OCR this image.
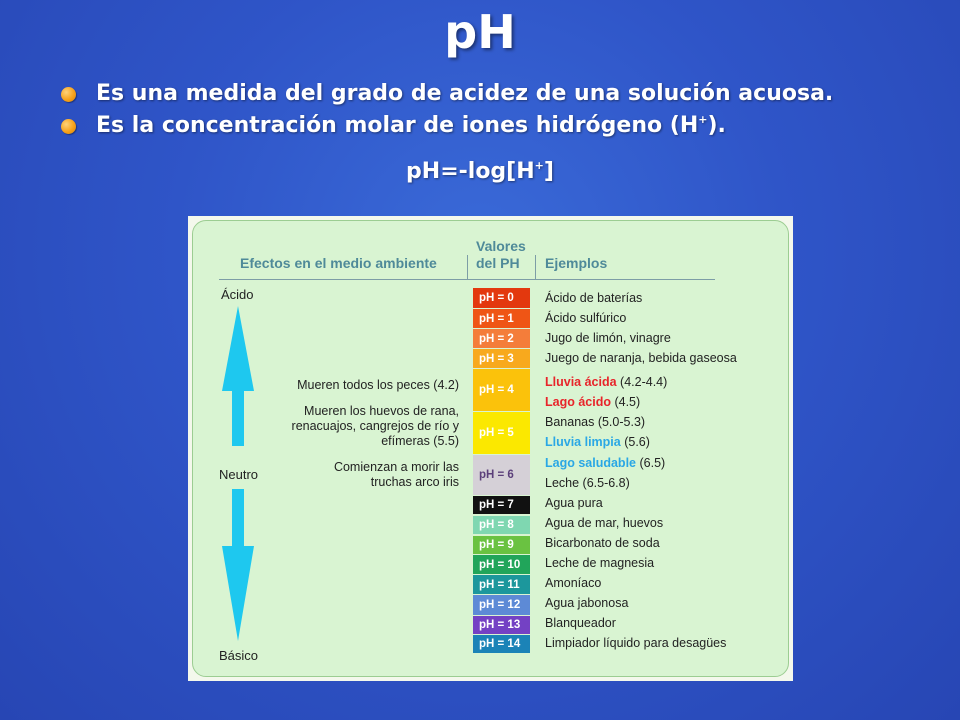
pH
Es una medida del grado de acidez de una solución acuosa.
Es la concentración molar de iones hidrógeno (H+).
pH=-log[H+]
Efectos en el medio ambiente
Valores
del PH Ejemplos
Ácido
Neutro
Básico
Mueren todos los peces (4.2)
Mueren los huevos de rana, renacuajos, cangrejos de río y efímeras (5.5)
Comienzan a morir las truchas arco iris
pH = 0
pH = 1
pH = 2
pH = 3
pH = 4
pH = 5
pH = 6
pH = 7
pH = 8
pH = 9
pH = 10
pH = 11
pH = 12
pH = 13
pH = 14
Ácido de baterías
Ácido sulfúrico
Jugo de limón, vinagre
Juego de naranja, bebida gaseosa
Lluvia ácida (4.2-4.4)
Lago ácido (4.5)
Bananas (5.0-5.3)
Lluvia limpia (5.6)
Lago saludable (6.5)
Leche (6.5-6.8)
Agua pura
Agua de mar, huevos
Bicarbonato de soda
Leche de magnesia
Amoníaco
Agua jabonosa
Blanqueador
Limpiador líquido para desagües
